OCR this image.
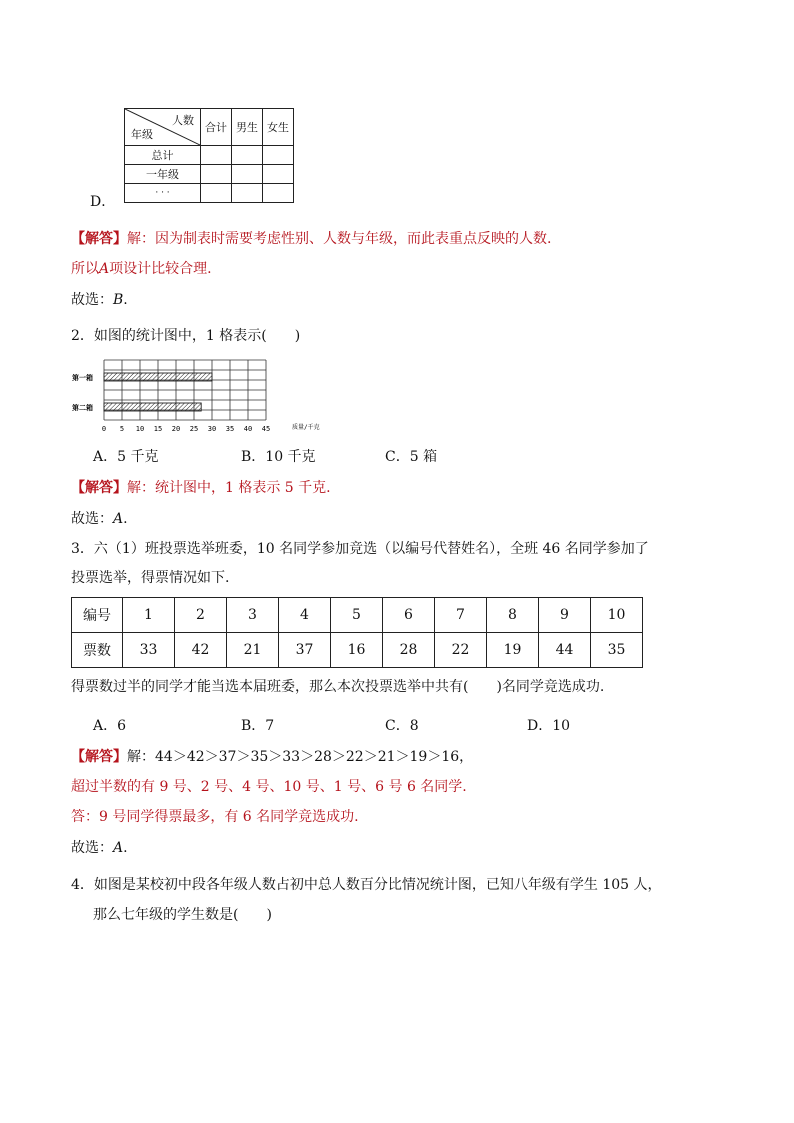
人数
年级	合计	男生	女生
总计			
一年级			
· · ·			
D．
【解答】解：因为制表时需要考虑性别、人数与年级，而此表重点反映的人数.
所以A项设计比较合理.
故选：B.
2．如图的统计图中，1 格表示(　　)
第一箱
第二箱
0 5 10 15 20 25 30 35 40 45	质量/千克
A．5 千克	B．10 千克	C．5 箱
【解答】解：统计图中，1 格表示 5 千克.
故选：A.
3．六（1）班投票选举班委，10 名同学参加竞选（以编号代替姓名），全班 46 名同学参加了
投票选举，得票情况如下.
编号	1	2	3	4	5	6	7	8	9	10
票数	33	42	21	37	16	28	22	19	44	35
得票数过半的同学才能当选本届班委，那么本次投票选举中共有(　　)名同学竞选成功.
A．6	B．7	C．8	D．10
【解答】解：44＞42＞37＞35＞33＞28＞22＞21＞19＞16，
超过半数的有 9 号、2 号、4 号、10 号、1 号、6 号 6 名同学.
答：9 号同学得票最多，有 6 名同学竞选成功.
故选：A.
4．如图是某校初中段各年级人数占初中总人数百分比情况统计图，已知八年级有学生 105 人，
那么七年级的学生数是(　　)
